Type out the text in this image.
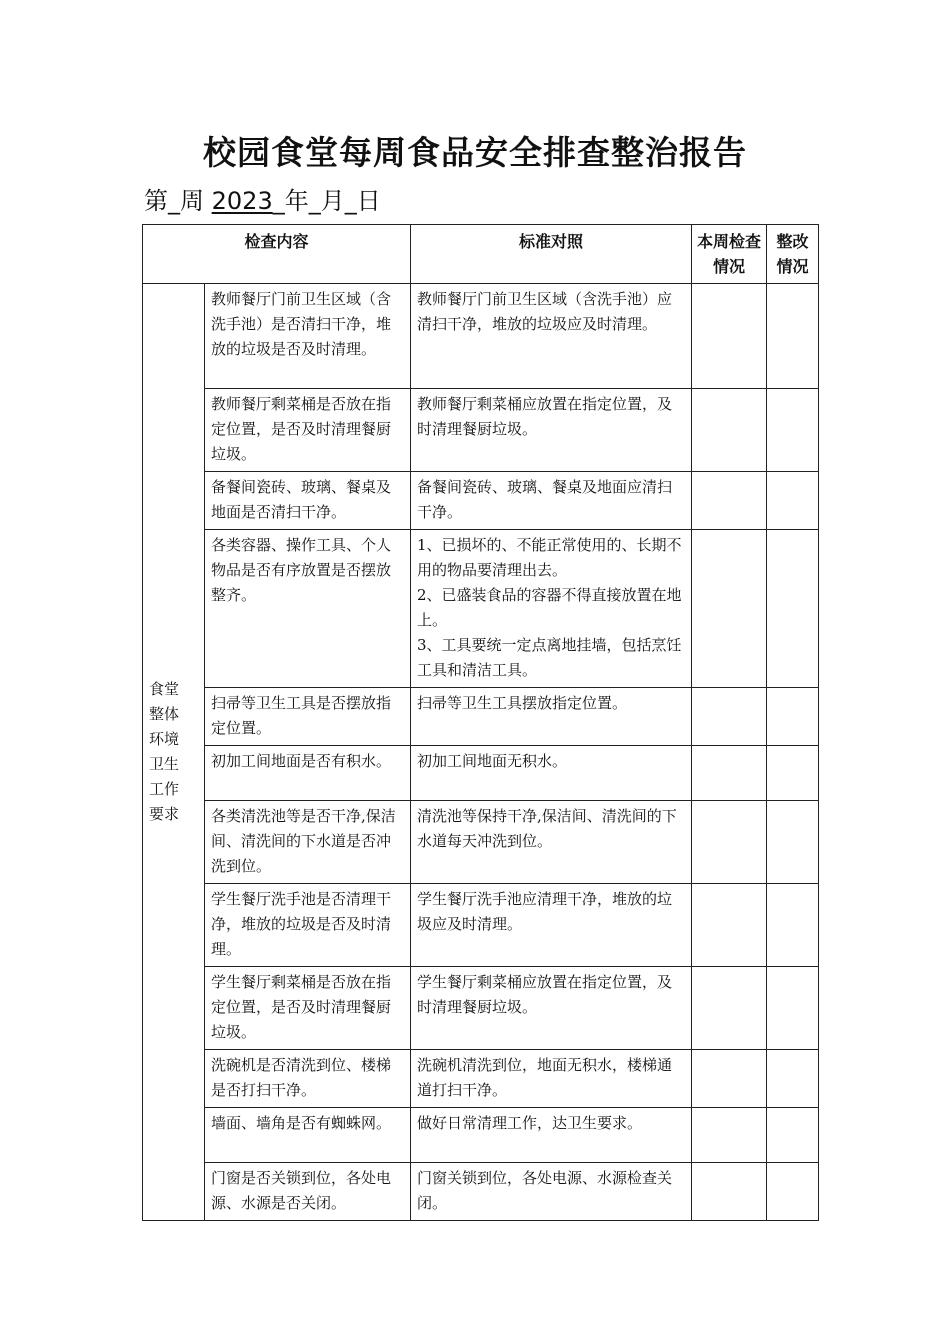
校园食堂每周食品安全排查整治报告
第_周 2023_年_月_日
检查内容		标准对照	本周检查情况	整改情况

食堂整体环境卫生工作要求	教师餐厅门前卫生区域（含洗手池）是否清扫干净，堆放的垃圾是否及时清理。	教师餐厅门前卫生区域（含洗手池）应清扫干净，堆放的垃圾应及时清理。		

	教师餐厅剩菜桶是否放在指定位置，是否及时清理餐厨垃圾。	教师餐厅剩菜桶应放置在指定位置，及时清理餐厨垃圾。		

	备餐间瓷砖、玻璃、餐桌及地面是否清扫干净。	备餐间瓷砖、玻璃、餐桌及地面应清扫干净。		

	各类容器、操作工具、个人物品是否有序放置是否摆放整齐。	1、已损坏的、不能正常使用的、长期不用的物品要清理出去。
2、已盛装食品的容器不得直接放置在地上。
3、工具要统一定点离地挂墙，包括烹饪工具和清洁工具。		

	扫帚等卫生工具是否摆放指定位置。	扫帚等卫生工具摆放指定位置。		

	初加工间地面是否有积水。	初加工间地面无积水。		

	各类清洗池等是否干净,保洁间、清洗间的下水道是否冲洗到位。	清洗池等保持干净,保洁间、清洗间的下水道每天冲洗到位。		

	学生餐厅洗手池是否清理干净，堆放的垃圾是否及时清理。	学生餐厅洗手池应清理干净，堆放的垃圾应及时清理。		

	学生餐厅剩菜桶是否放在指定位置，是否及时清理餐厨垃圾。	学生餐厅剩菜桶应放置在指定位置，及时清理餐厨垃圾。		

	洗碗机是否清洗到位、楼梯是否打扫干净。	洗碗机清洗到位，地面无积水，楼梯通道打扫干净。		

	墙面、墙角是否有蜘蛛网。	做好日常清理工作，达卫生要求。		

	门窗是否关锁到位，各处电源、水源是否关闭。	门窗关锁到位，各处电源、水源检查关闭。		
